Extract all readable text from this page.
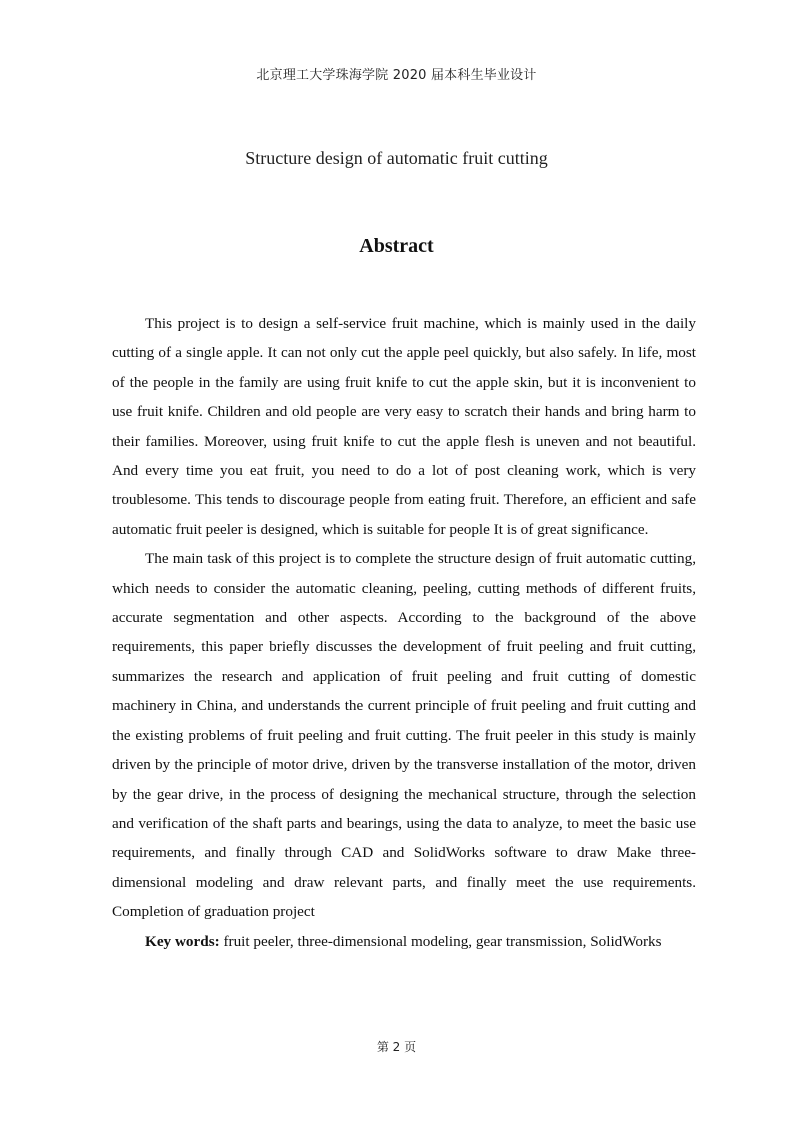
北京理工大学珠海学院 2020 届本科生毕业设计
Structure design of automatic fruit cutting
Abstract

This project is to design a self-service fruit machine, which is mainly used in the daily cutting of a single apple. It can not only cut the apple peel quickly, but also safely. In life, most of the people in the family are using fruit knife to cut the apple skin, but it is inconvenient to use fruit knife. Children and old people are very easy to scratch their hands and bring harm to their families. Moreover, using fruit knife to cut the apple flesh is uneven and not beautiful. And every time you eat fruit, you need to do a lot of post cleaning work, which is very troublesome. This tends to discourage people from eating fruit. Therefore, an efficient and safe automatic fruit peeler is designed, which is suitable for people It is of great significance.

The main task of this project is to complete the structure design of fruit automatic cutting, which needs to consider the automatic cleaning, peeling, cutting methods of different fruits, accurate segmentation and other aspects. According to the background of the above requirements, this paper briefly discusses the development of fruit peeling and fruit cutting, summarizes the research and application of fruit peeling and fruit cutting of domestic machinery in China, and understands the current principle of fruit peeling and fruit cutting and the existing problems of fruit peeling and fruit cutting. The fruit peeler in this study is mainly driven by the principle of motor drive, driven by the transverse installation of the motor, driven by the gear drive, in the process of designing the mechanical structure, through the selection and verification of the shaft parts and bearings, using the data to analyze, to meet the basic use requirements, and finally through CAD and SolidWorks software to draw Make three-dimensional modeling and draw relevant parts, and finally meet the use requirements. Completion of graduation project

Key words: fruit peeler, three-dimensional modeling, gear transmission, SolidWorks

第 2 页
